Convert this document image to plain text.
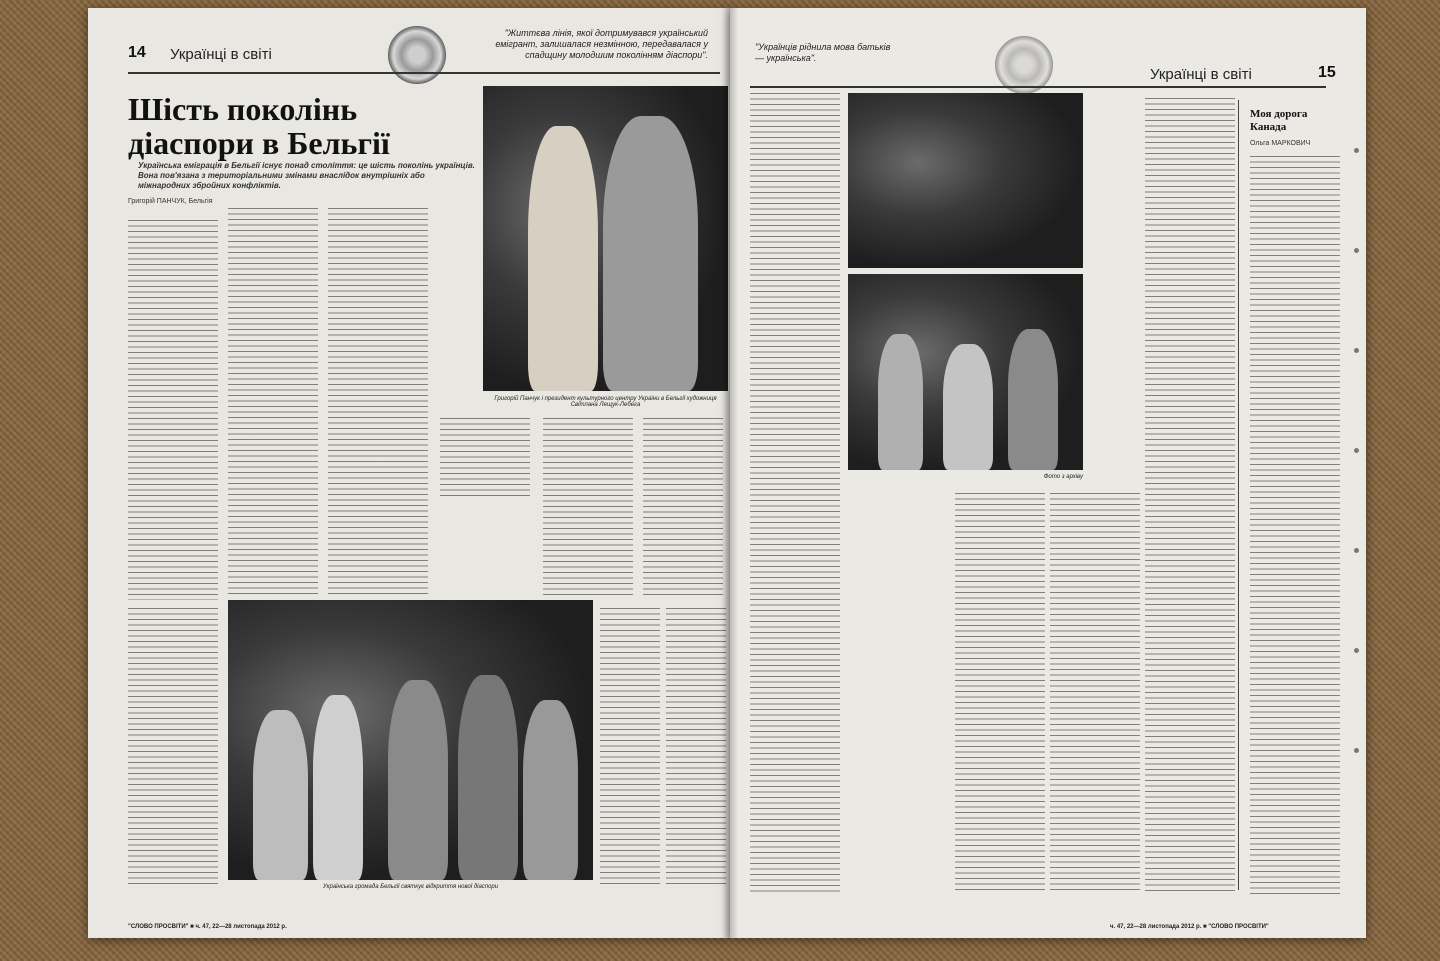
14 Українці в світі
"Життєва лінія, якої дотримувався український емігрант, залишалася незмінною, передавалася у спадщину молодшим поколінням діаспори".
Шість поколінь діаспори в Бельгії
Українська еміграція в Бельгії існує понад століття: це шість поколінь українців. Вона пов'язана з територіальними змінами внаслідок внутрішніх або міжнародних збройних конфліктів.
Григорій ПАНЧУК, Бельгія
Григорій Панчук і президент культурного центру України в Бельгії художниця Світлана Лещук-Лебега
Українська громада Бельгії святкує відкриття нової діаспори
"СЛОВО ПРОСВІТИ" ■ ч. 47, 22—28 листопада 2012 р.
"Українців ріднила мова батьків — українська".
Українці в світі	15
Фото з архіву
Моя дорога Канада
Ольга МАРКОВИЧ
ч. 47, 22—28 листопада 2012 р. ■ "СЛОВО ПРОСВІТИ"
